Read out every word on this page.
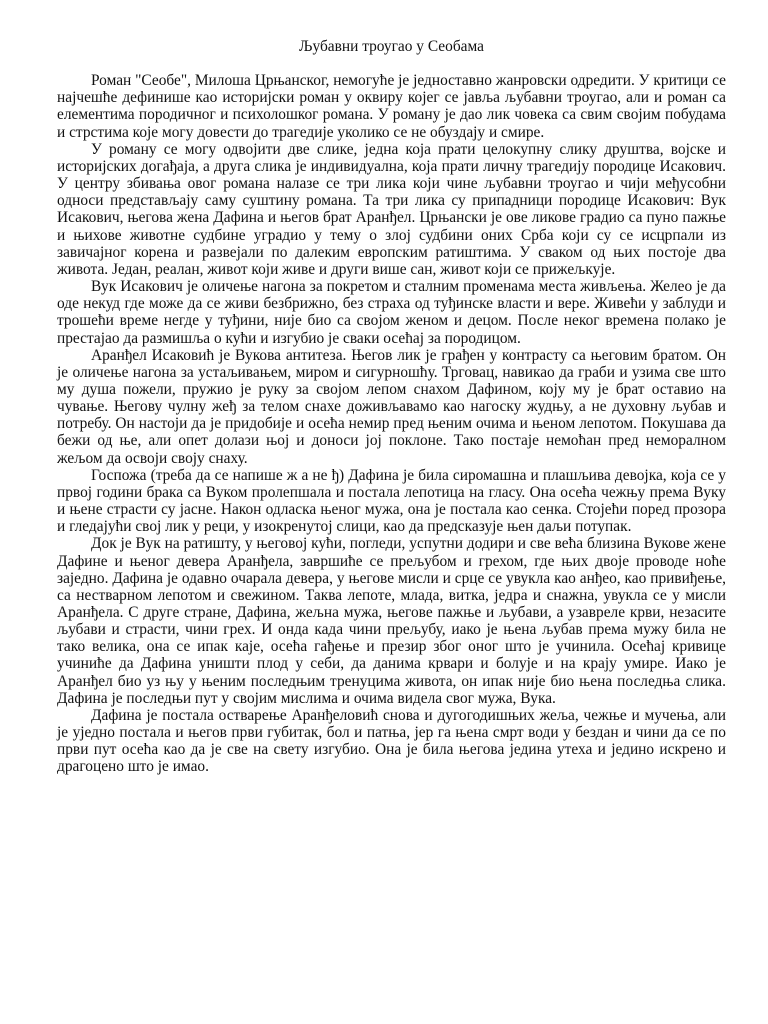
Љубавни троугао у Сеобама

Роман "Сеобе", Милоша Црњанског, немогуће је једноставно жанровски одредити. У критици се најчешће дефинише као историјски роман у оквиру којег се јавља љубавни троугао, али и роман са елементима породичног и психолошког романа. У роману је дао лик човека са свим својим побудама и стрстима које могу довести до трагедије уколико се не обуздају и смире.

У роману се могу одвојити две слике, једна која прати целокупну слику друштва, војске и историјских догађаја, а друга слика је индивидуална, која прати личну трагедију породице Исакович. У центру збивања овог романа налазе се три лика који чине љубавни троугао и чији међусобни односи представљају саму суштину романа. Та три лика су припадници породице Исакович: Вук Исакович, његова жена Дафина и његов брат Аранђел. Црњански је ове ликове градио са пуно пажње и њихове животне судбине уградио у тему о злој судбини оних Срба који су се исцрпали из завичајног корена и развејали по далеким европским ратиштима. У сваком од њих постоје два живота. Један, реалан, живот који живе и други више сан, живот који се прижељкује.

Вук Исакович је оличење нагона за покретом и сталним променама места живљења. Желео је да оде некуд где може да се живи безбрижно, без страха од туђинске власти и вере. Живећи у заблуди и трошећи време негде у туђини, није био са својом женом и децом. После неког времена полако је престајао да размишља о кући и изгубио је сваки осећај за породицом.

Аранђел Исаковић је Вукова антитеза. Његов лик је грађен у контрасту са његовим братом. Он је оличење нагона за устаљивањем, миром и сигурношћу. Трговац, навикао да граби и узима све што му душа пожели, пружио је руку за својом лепом снахом Дафином, коју му је брат оставио на чување. Његову чулну жеђ за телом снахе доживљавамо као нагоску жудњу, а не духовну љубав и потребу. Он настоји да је придобије и осећа немир пред њеним очима и њеном лепотом. Покушава да бежи од ње, али опет долази њој и доноси јој поклоне. Тако постаје немоћан пред неморалном жељом да освоји своју снаху.

Госпожа (треба да се напише ж а не ђ) Дафина је била сиромашна и плашљива девојка, која се у првој години брака са Вуком пролепшала и постала лепотица на гласу. Она осећа чежњу према Вуку и њене страсти су јасне. Након одласка њеног мужа, она је постала као сенка. Стојећи поред прозора и гледајући свој лик у реци, у изокренутој слици, као да предсказује њен даљи потупак.

Док је Вук на ратишту, у његовој кући, погледи, успутни додири и све већа близина Вукове жене Дафине и њеног девера Аранђела, завршиће се прељубом и грехом, где њих двоје проводе ноће заједно. Дафина је одавно очарала девера, у његове мисли и срце се увукла као анђео, као привиђење, са нестварном лепотом и свежином. Таква лепоте, млада, витка, једра и снажна, увукла се у мисли Аранђела. С друге стране, Дафина, жељна мужа, његове пажње и љубави, а узавреле крви, незасите љубави и страсти, чини грех. И онда када чини прељубу, иако је њена љубав према мужу била не тако велика, она се ипак каје, осећа гађење и презир због оног што је учинила. Осећај кривице учиниће да Дафина уништи плод у себи, да данима крвари и болује и на крају умире. Иако је Аранђел био уз њу у њеним последњим тренуцима живота, он ипак није био њена последња слика. Дафина је последњи пут у својим мислима и очима видела свог мужа, Вука.

Дафина је постала остварење Аранђеловић снова и дугогодишњих жеља, чежње и мучења, али је уједно постала и његов први губитак, бол и патња, јер га њена смрт води у бездан и чини да се по први пут осећа као да је све на свету изгубио. Она је била његова једина утеха и једино искрено и драгоцено што је имао.
